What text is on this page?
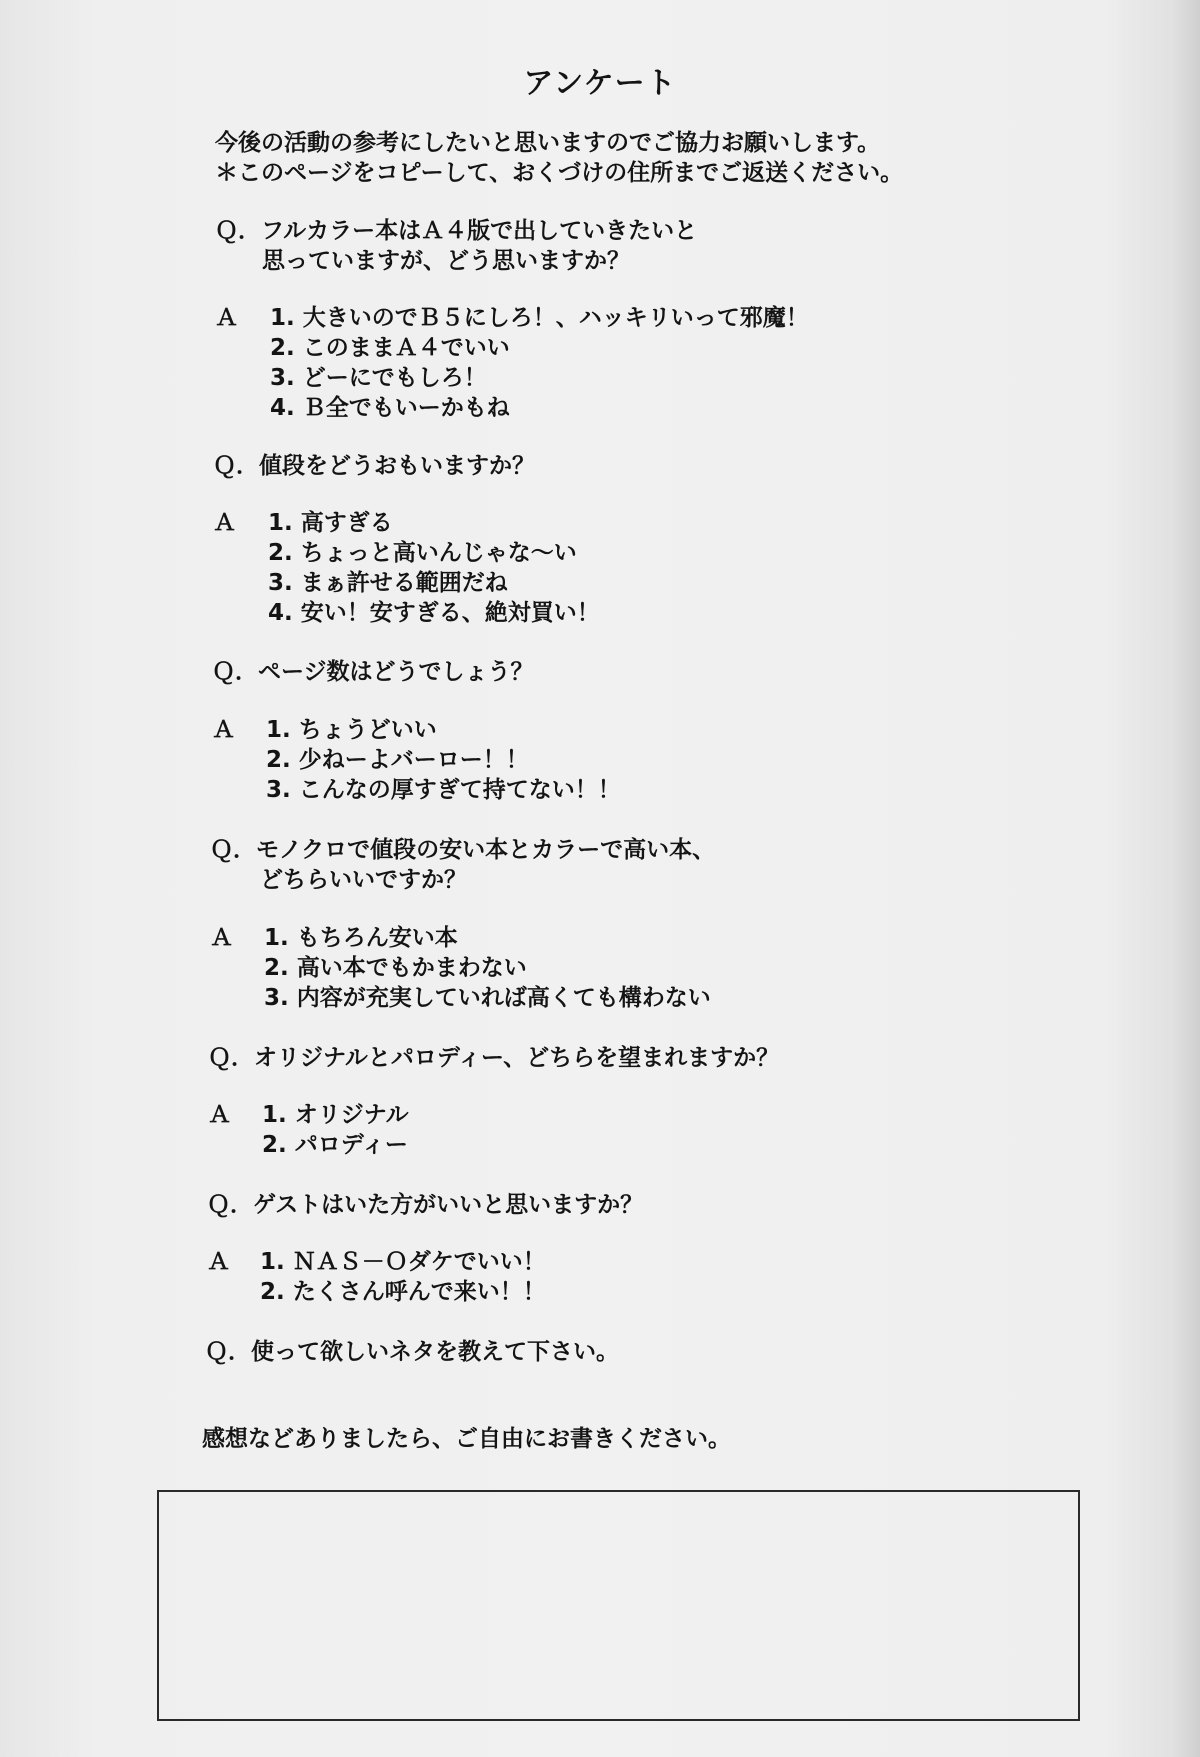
アンケート
今後の活動の参考にしたいと思いますのでご協力お願いします。
＊このページをコピーして、おくづけの住所までご返送ください。
Ｑ．フルカラー本はＡ４版で出していきたいと
思っていますが、どう思いますか？
Ａ 1. 大きいのでＢ５にしろ！、ハッキリいって邪魔！
2. このままＡ４でいい
3. どーにでもしろ！
4. Ｂ全でもいーかもね
Ｑ．値段をどうおもいますか？
Ａ 1. 高すぎる
2. ちょっと高いんじゃな～い
3. まぁ許せる範囲だね
4. 安い！安すぎる、絶対買い！
Ｑ．ページ数はどうでしょう？
Ａ 1. ちょうどいい
2. 少ねーよバーロー！！
3. こんなの厚すぎて持てない！！
Ｑ．モノクロで値段の安い本とカラーで高い本、
どちらいいですか？
Ａ 1. もちろん安い本
2. 高い本でもかまわない
3. 内容が充実していれば高くても構わない
Ｑ．オリジナルとパロディー、どちらを望まれますか？
Ａ 1. オリジナル
2. パロディー
Ｑ．ゲストはいた方がいいと思いますか？
Ａ 1. ＮＡＳ－Ｏダケでいい！
2. たくさん呼んで来い！！
Ｑ．使って欲しいネタを教えて下さい。
感想などありましたら、ご自由にお書きください。
